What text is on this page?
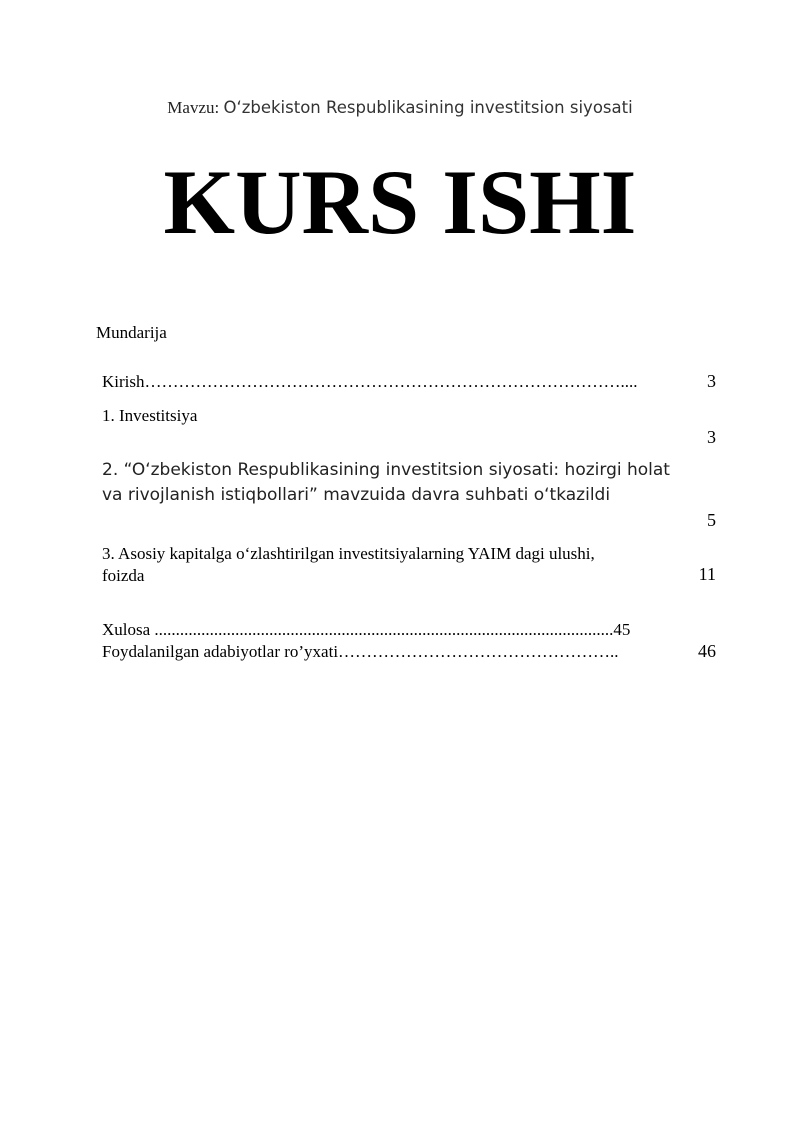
Mavzu: O‘zbekiston Respublikasining investitsion siyosati
KURS ISHI
Mundarija
Kirish…………………………………………………………………………....	3
1. Investitsiya
3
2. “O‘zbekiston Respublikasining investitsion siyosati: hozirgi holat
va rivojlanish istiqbollari” mavzuida davra suhbati o‘tkazildi
5
3. Asosiy kapitalga o‘zlashtirilgan investitsiyalarning YAIM dagi ulushi,
foizda	11
Xulosa ............................................................................................................45
Foydalanilgan adabiyotlar ro’yxati…………………………………………..	46
